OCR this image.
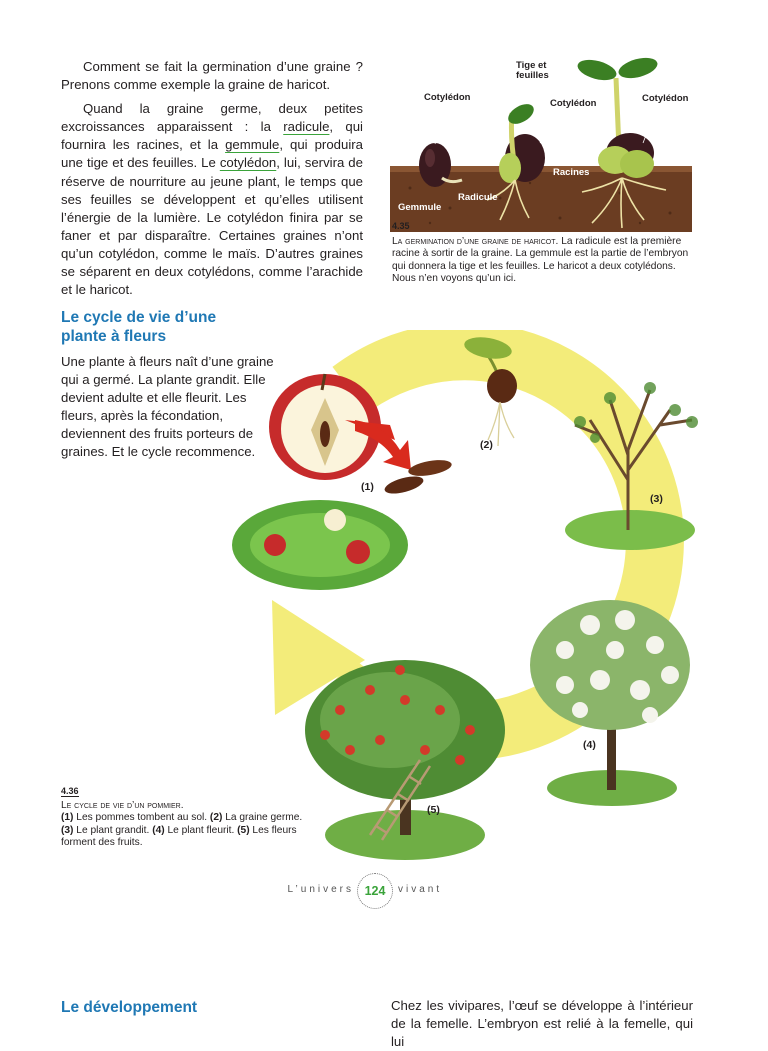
Comment se fait la germination d’une graine ? Prenons comme exemple la graine de haricot.

Quand la graine germe, deux petites excroissances apparaissent : la radicule, qui fournira les racines, et la gemmule, qui produira une tige et des feuilles. Le cotylédon, lui, servira de réserve de nourriture au jeune plant, le temps que ses feuilles se développent et qu’elles utilisent l’énergie de la lumière. Le cotylédon finira par se faner et par disparaître. Certaines graines n’ont qu’un cotylédon, comme le maïs. D’autres graines se séparent en deux cotylédons, comme l’arachide et le haricot.

Cotylédon
Tige et
feuilles
Cotylédon	Cotylédon
Racines
Radicule
Gemmule
4.35
La germination d’une graine de haricot. La radicule est la première racine à sortir de la graine. La gemmule est la partie de l’embryon qui donnera la tige et les feuilles. Le haricot a deux cotylédons. Nous n’en voyons qu’un ici.
Le cycle de vie d’une plante à fleurs
Une plante à fleurs naît d’une graine qui a germé. La plante grandit. Elle devient adulte et elle fleurit. Les fleurs, après la fécondation, deviennent des fruits porteurs de graines. Et le cycle recommence.
(1)
(2)
(3)
(4)
(5)
4.36
Le cycle de vie d’un pommier.
(1) Les pommes tombent au sol. (2) La graine germe. (3) Le plant grandit. (4) Le plant fleurit. (5) Les fleurs forment des fruits.
L’univers 124	vivant
Le développement	Chez les vivipares, l’œuf se développe à l’intérieur de la femelle. L’embryon est relié à la femelle, qui lui
